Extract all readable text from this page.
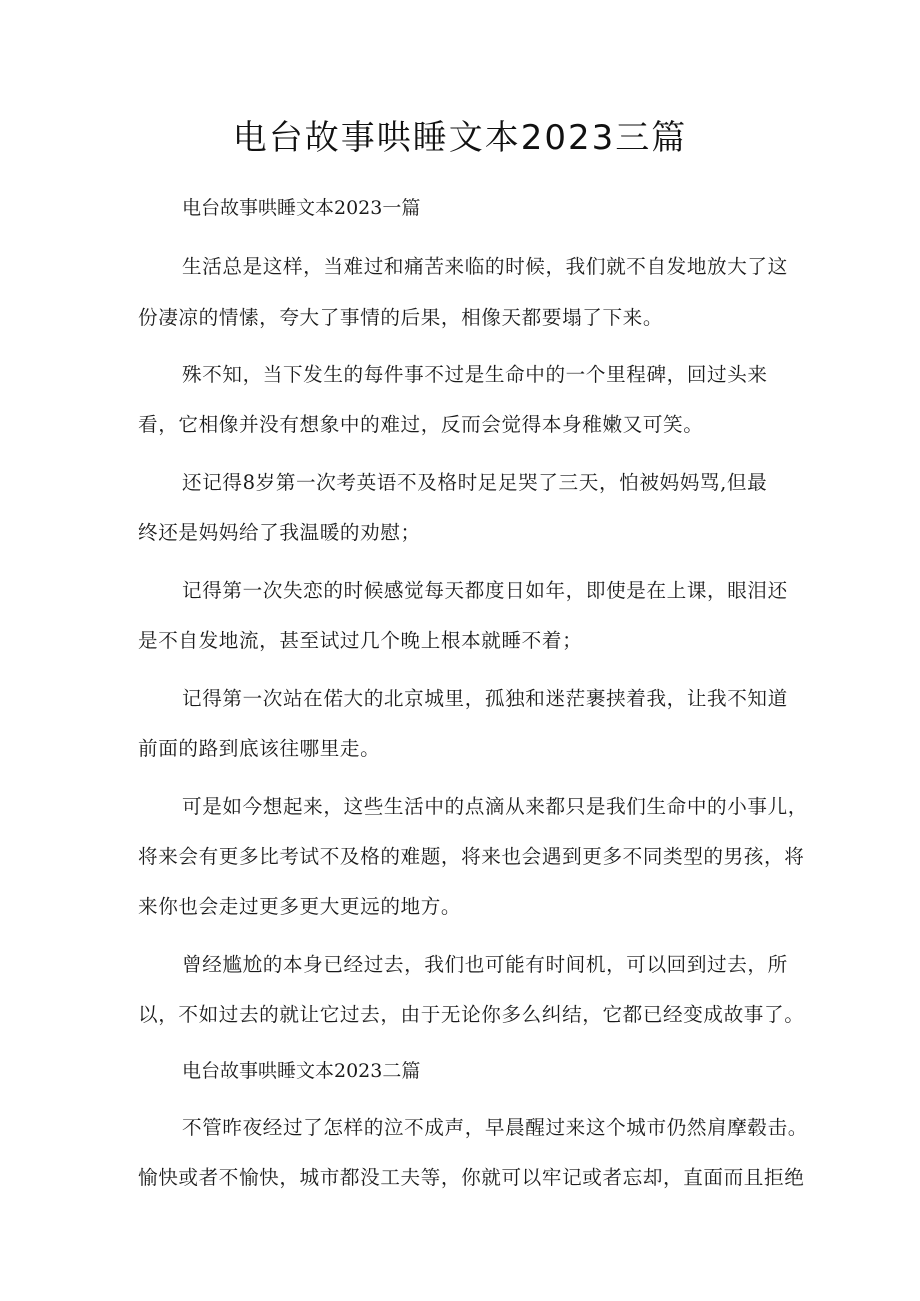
电台故事哄睡文本2023三篇
电台故事哄睡文本2023一篇
生活总是这样，当难过和痛苦来临的时候，我们就不自发地放大了这
份凄凉的情愫，夸大了事情的后果，相像天都要塌了下来。
殊不知，当下发生的每件事不过是生命中的一个里程碑，回过头来
看，它相像并没有想象中的难过，反而会觉得本身稚嫩又可笑。
还记得8岁第一次考英语不及格时足足哭了三天，怕被妈妈骂,但最
终还是妈妈给了我温暖的劝慰；
记得第一次失恋的时候感觉每天都度日如年，即使是在上课，眼泪还
是不自发地流，甚至试过几个晚上根本就睡不着；
记得第一次站在偌大的北京城里，孤独和迷茫裹挟着我，让我不知道
前面的路到底该往哪里走。
可是如今想起来，这些生活中的点滴从来都只是我们生命中的小事儿，
将来会有更多比考试不及格的难题，将来也会遇到更多不同类型的男孩，将
来你也会走过更多更大更远的地方。
曾经尴尬的本身已经过去，我们也可能有时间机，可以回到过去，所
以，不如过去的就让它过去，由于无论你多么纠结，它都已经变成故事了。
电台故事哄睡文本2023二篇
不管昨夜经过了怎样的泣不成声，早晨醒过来这个城市仍然肩摩毂击。
愉快或者不愉快，城市都没工夫等，你就可以牢记或者忘却，直面而且拒绝
